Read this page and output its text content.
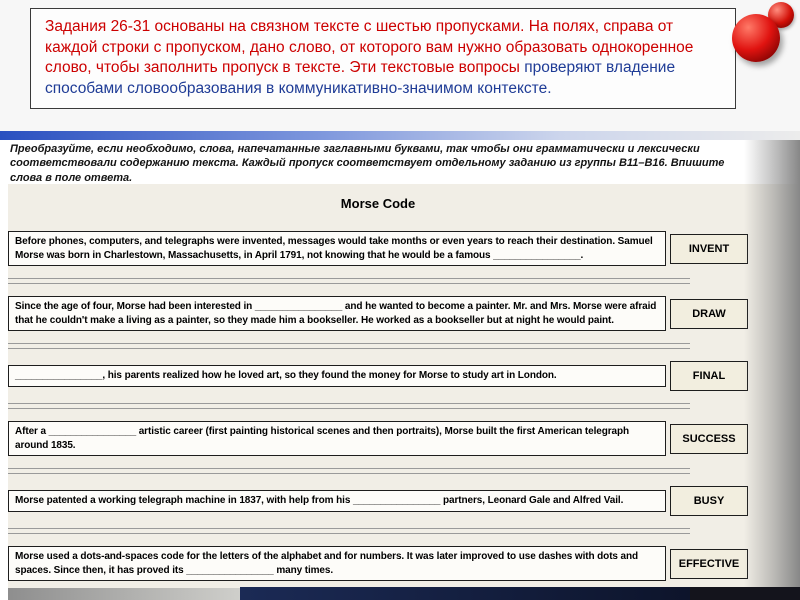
Задания 26-31 основаны на связном тексте с шестью пропусками. На полях, справа от каждой строки с пропуском, дано слово, от которого вам нужно образовать однокоренное слово, чтобы заполнить пропуск в тексте. Эти текстовые вопросы проверяют владение способами словообразования в коммуникативно-значимом контексте.
Преобразуйте, если необходимо, слова, напечатанные заглавными буквами, так чтобы они грамматически и лексически соответствовали содержанию текста. Каждый пропуск соответствует отдельному заданию из группы В11–В16. Впишите слова в поле ответа.
Morse Code
Before phones, computers, and telegraphs were invented, messages would take months or even years to reach their destination. Samuel Morse was born in Charlestown, Massachusetts, in April 1791, not knowing that he would be a famous ________________.
INVENT
Since the age of four, Morse had been interested in ________________ and he wanted to become a painter. Mr. and Mrs. Morse were afraid that he couldn't make a living as a painter, so they made him a bookseller. He worked as a bookseller but at night he would paint.
DRAW
________________, his parents realized how he loved art, so they found the money for Morse to study art in London.	FINAL
After a ________________ artistic career (first painting historical scenes and then portraits), Morse built the first American telegraph around 1835.
SUCCESS
Morse patented a working telegraph machine in 1837, with help from his ________________ partners, Leonard Gale and Alfred Vail.	BUSY
Morse used a dots-and-spaces code for the letters of the alphabet and for numbers. It was later improved to use dashes with dots and spaces. Since then, it has proved its ________________ many times.
EFFECTIVE
